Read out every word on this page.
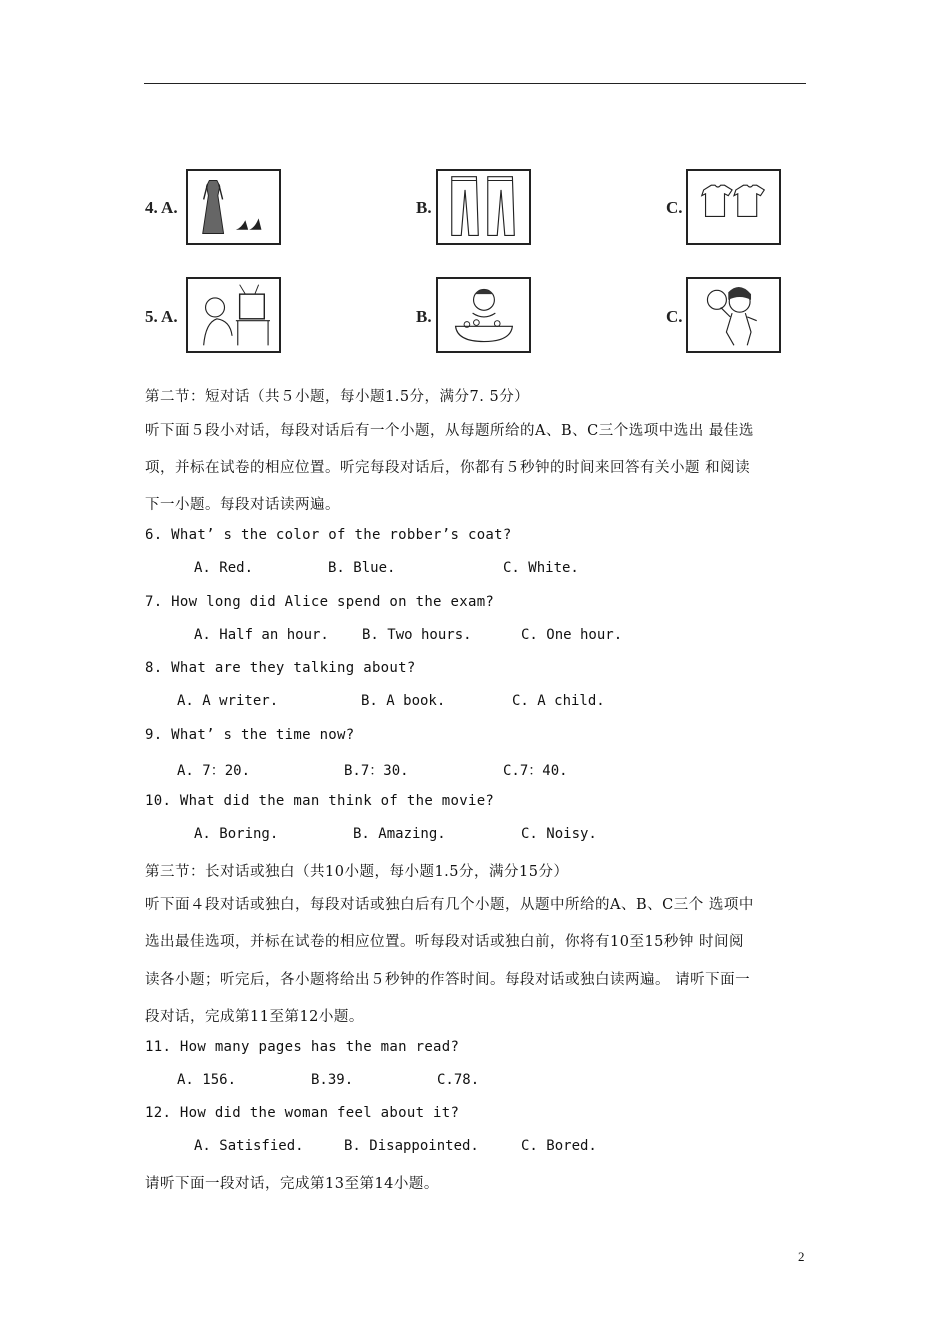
4. A.	B.	C.
5. A.	B.	C.
第二节：短对话（共５小题，每小题1.5分，满分7. 5分）
听下面５段小对话，每段对话后有一个小题，从每题所给的A、B、C三个选项中选出 最佳选
项，并标在试卷的相应位置。听完每段对话后，你都有５秒钟的时间来回答有关小题 和阅读
下一小题。每段对话读两遍。
6. What’ s the color of the robber’s coat?
A. Red.	B. Blue.	C. White.
7. How long did Alice spend on the exam?
A. Half an hour. B. Two hours.	C. One hour.
8. What are they talking about?
A. A writer.	B. A book.	C. A child.
9. What’ s the time now?
A. 7：20.	B.7：30.	C.7：40.
10. What did the man think of the movie?
A. Boring.	B. Amazing.	C. Noisy.
第三节：长对话或独白（共10小题，每小题1.5分，满分15分）
听下面４段对话或独白，每段对话或独白后有几个小题，从题中所给的A、B、C三个 选项中
选出最佳选项，并标在试卷的相应位置。听每段对话或独白前，你将有10至15秒钟 时间阅
读各小题；听完后，各小题将给出５秒钟的作答时间。每段对话或独白读两遍。 请听下面一
段对话，完成第11至第12小题。
11. How many pages has the man read?
A. 156.	B.39.	C.78.
12. How did the woman feel about it?
A. Satisfied.	B. Disappointed.	C. Bored.
请听下面一段对话，完成第13至第14小题。
2
